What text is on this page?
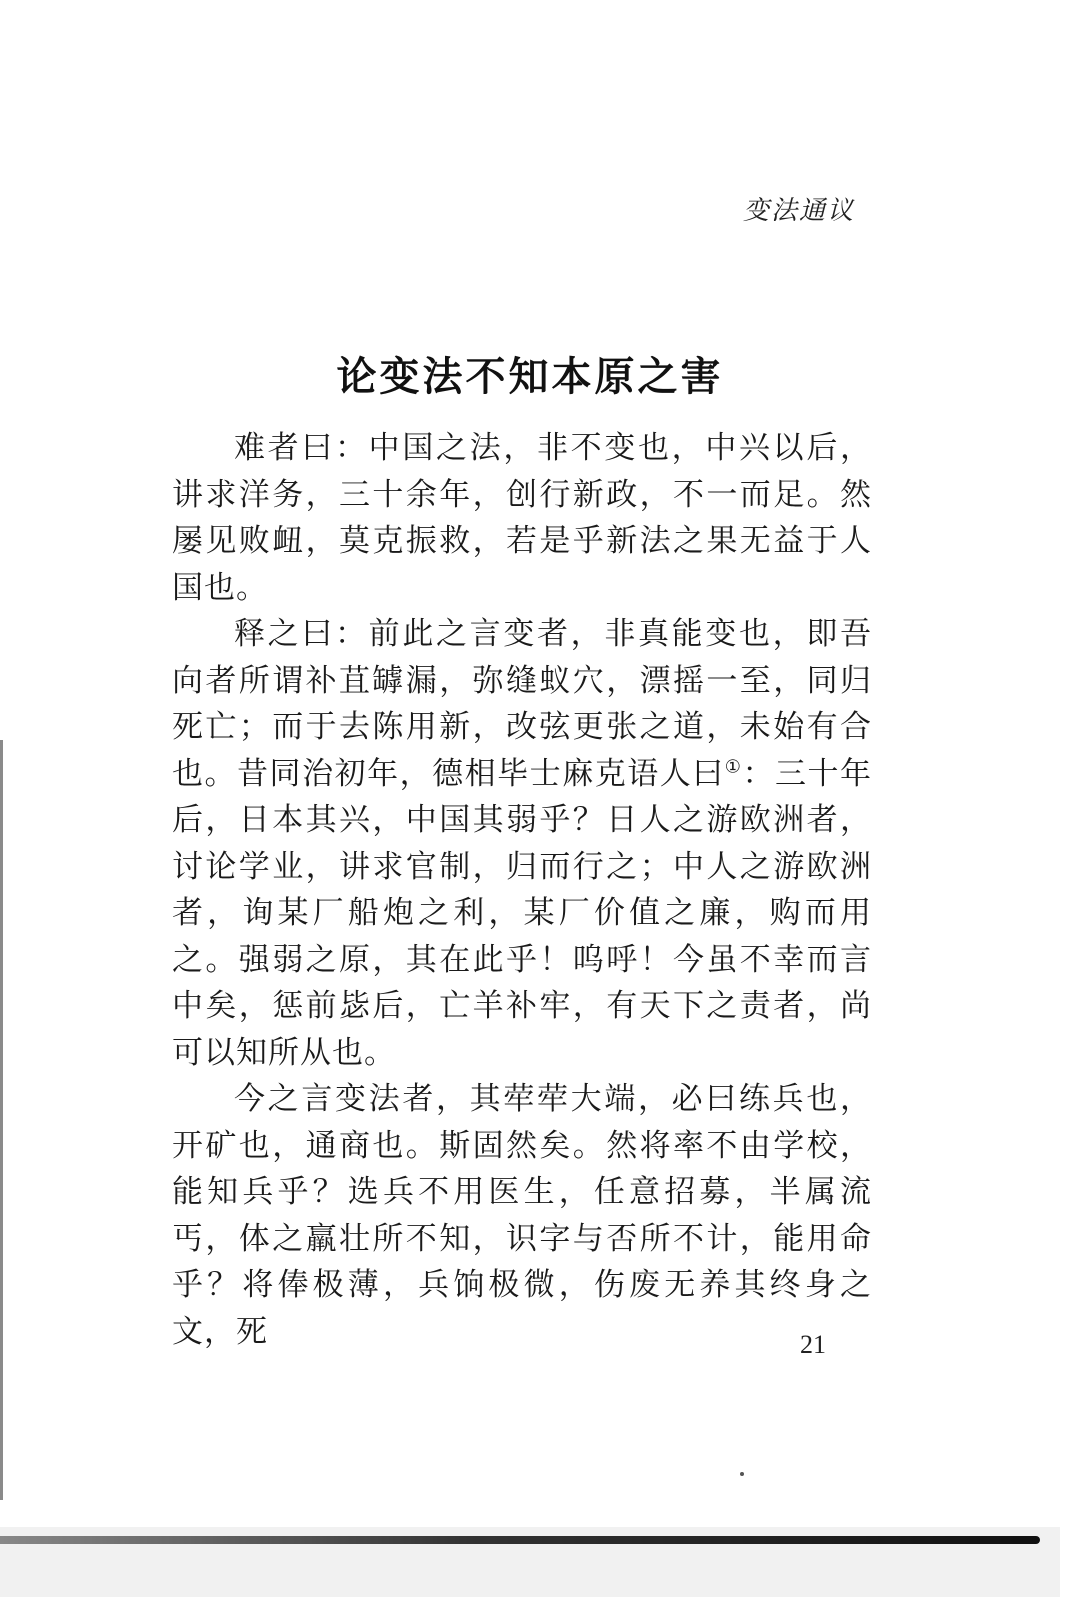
变法通议
论变法不知本原之害

难者曰：中国之法，非不变也，中兴以后，讲求洋务，三十余年，创行新政，不一而足。然屡见败衄，莫克振救，若是乎新法之果无益于人国也。

释之曰：前此之言变者，非真能变也，即吾向者所谓补苴罅漏，弥缝蚁穴，漂摇一至，同归死亡；而于去陈用新，改弦更张之道，未始有合也。昔同治初年，德相毕士麻克语人曰①：三十年后，日本其兴，中国其弱乎？日人之游欧洲者，讨论学业，讲求官制，归而行之；中人之游欧洲者，询某厂船炮之利，某厂价值之廉，购而用之。强弱之原，其在此乎！呜呼！今虽不幸而言中矣，惩前毖后，亡羊补牢，有天下之责者，尚可以知所从也。

今之言变法者，其荦荦大端，必曰练兵也，开矿也，通商也。斯固然矣。然将率不由学校，能知兵乎？选兵不用医生，任意招募，半属流丐，体之羸壮所不知，识字与否所不计，能用命乎？将俸极薄，兵饷极微，伤废无养其终身之文，死	21
